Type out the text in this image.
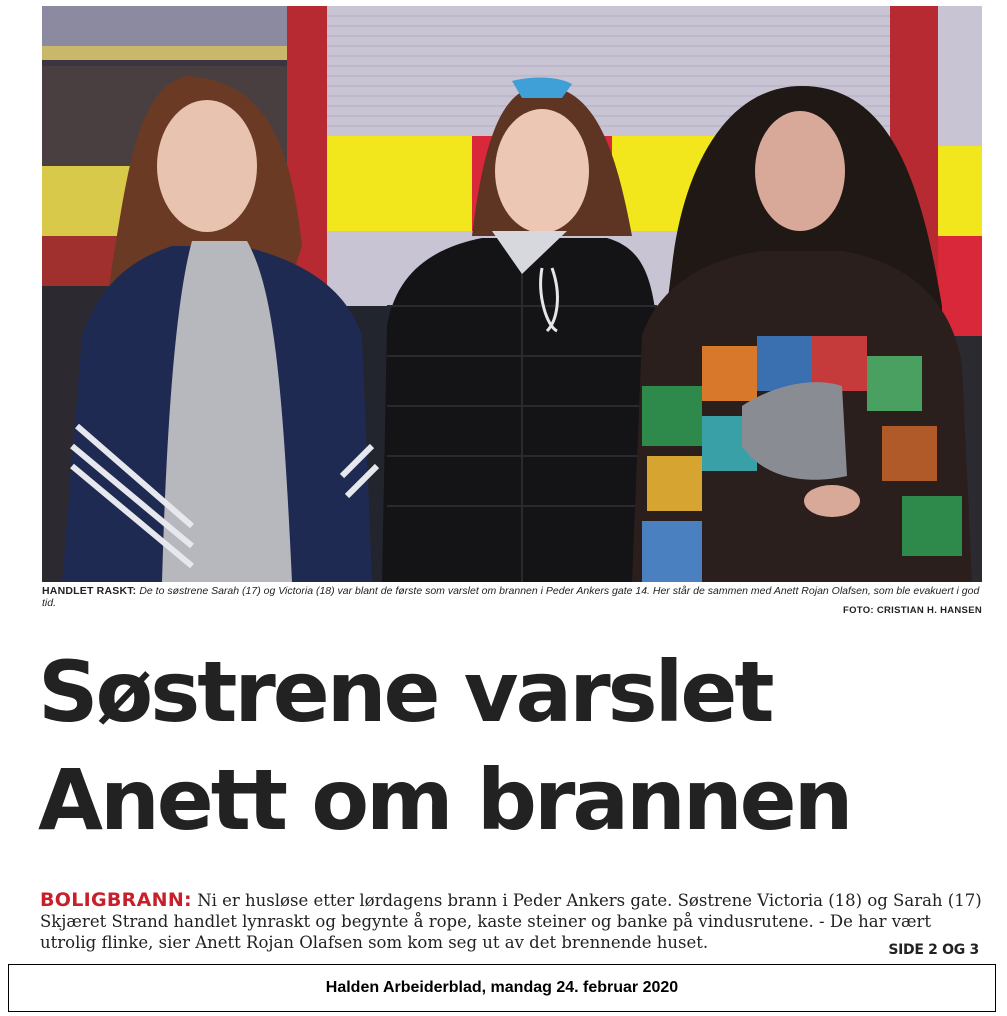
HANDLET RASKT: De to søstrene Sarah (17) og Victoria (18) var blant de første som varslet om brannen i Peder Ankers gate 14. Her står de sammen med Anett Rojan Olafsen, som ble evakuert i god tid.
FOTO: CRISTIAN H. HANSEN
Søstrene varslet
Anett om brannen
BOLIGBRANN: Ni er husløse etter lørdagens brann i Peder Ankers gate. Søstrene Victoria (18) og Sarah (17) Skjæret Strand handlet lynraskt og begynte å rope, kaste steiner og banke på vindusrutene. - De har vært utrolig flinke, sier Anett Rojan Olafsen som kom seg ut av det brennende huset.	SIDE 2 OG 3
Halden Arbeiderblad, mandag 24. februar 2020
